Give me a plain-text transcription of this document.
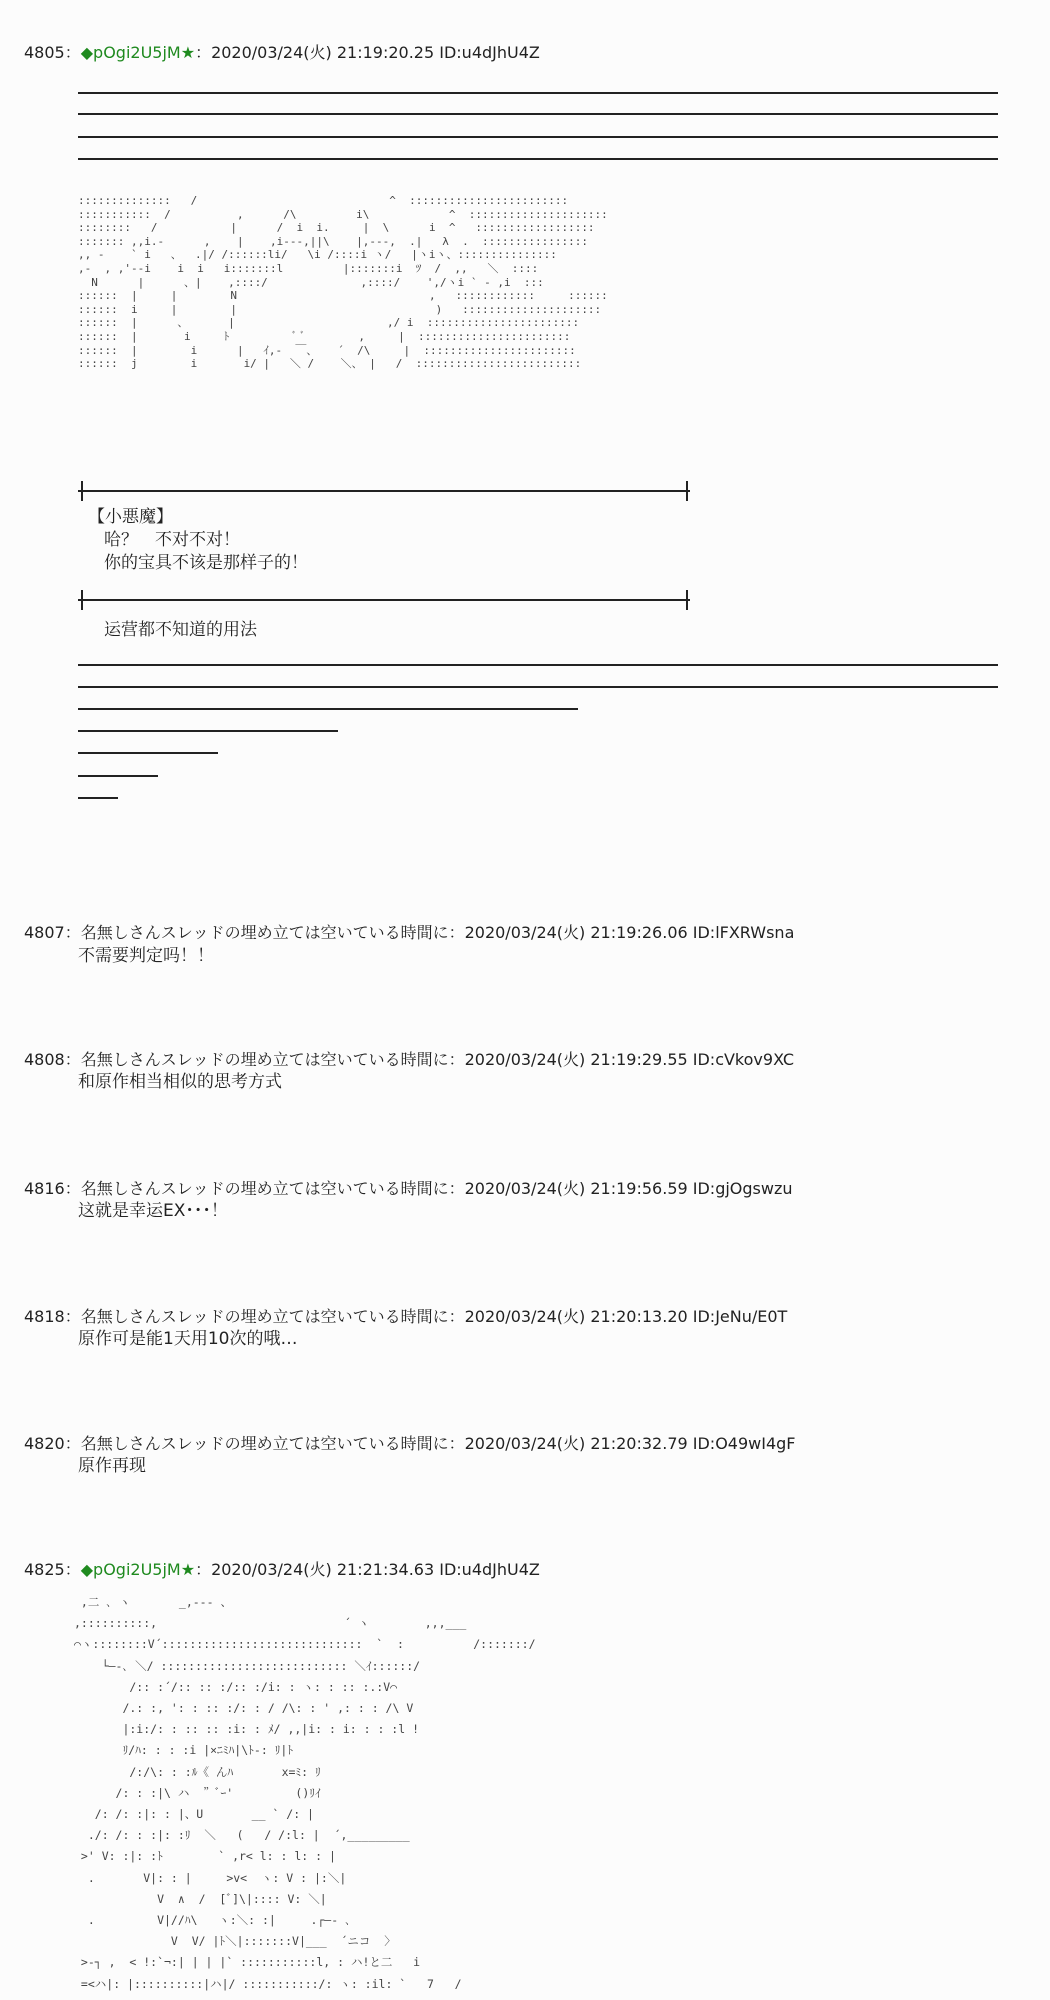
4805：◆pOgi2U5jM★：2020/03/24(火) 21:19:20.25 ID:u4dJhU4Z
::::::::::::::   /                             ^  ::::::::::::::::::::::::
:::::::::::  /          ,      /\         i\            ^  :::::::::::::::::::::
::::::::   /           |      /  i  i.     |  \      i  ^   ::::::::::::::::::
::::::: ,,i.-      ,    |    ,i---,||\    |,---,  .|   λ  .  ::::::::::::::::
,, -    ` i   、  .|/ /::::::li/   \i /::::i ヽ/   |ヽiヽ、:::::::::::::::
,-  , ,'--i    i  i   i:::::::l         |:::::::i  ﾂ  /  ,,   ＼  ::::
N      |      、|    ,::::/              ,::::/    ',/ヽi ` - ,i  :::
::::::  |     |        N                             ,   ::::::::::::     ::::::
::::::  i     |        |                              )   :::::::::::::::::::::
::::::  |      、      |                       ,/ i  :::::::::::::::::::::::
::::::  |       i     ﾄ          ﾞ ﾞ        ,     |  :::::::::::::::::::::::
::::::  |        i      |   ｲ,-  ￣、   ´  /\     |  :::::::::::::::::::::::
::::::  j        i       i/ |   ＼ /    ＼、 |   /  :::::::::::::::::::::::::
【小悪魔】
哈？　不对不对！
你的宝具不该是那样子的！
运营都不知道的用法
4807：名無しさんスレッドの埋め立ては空いている時間に：2020/03/24(火) 21:19:26.06 ID:lFXRWsna
不需要判定吗！！
4808：名無しさんスレッドの埋め立ては空いている時間に：2020/03/24(火) 21:19:29.55 ID:cVkov9XC
和原作相当相似的思考方式
4816：名無しさんスレッドの埋め立ては空いている時間に：2020/03/24(火) 21:19:56.59 ID:gjOgswzu
这就是幸运EX･･･！
4818：名無しさんスレッドの埋め立ては空いている時間に：2020/03/24(火) 21:20:13.20 ID:JeNu/E0T
原作可是能1天用10次的哦…
4820：名無しさんスレッドの埋め立ては空いている時間に：2020/03/24(火) 21:20:32.79 ID:O49wI4gF
原作再现
4825：◆pOgi2U5jM★：2020/03/24(火) 21:21:34.63 ID:u4dJhU4Z
,二 ､ ヽ       _,--- 、
,::::::::::,                           ´ ヽ        ,,,___
⌒ヽ::::::::V´:::::::::::::::::::::::::::::  `  :          /:::::::/
└―-､ ＼/ ::::::::::::::::::::::::::: ＼ｲ::::::/
/:: :´/:: :: :/:: :/i: : ヽ: : :: :.:V⌒
/.: :, ': : :: :/: : / /\: : ' ,: : : /\ V
|:i:/: : :: :: :i: : ﾒ/ ,,|i: : i: : : :l !
ﾘ/ﾊ: : : :i |×ﾆﾐﾊ|\ﾄ-: ﾘ|ﾄ
/:/\: : :ﾙ《 んﾊ       x=ﾐ: ﾘ
/: : :|\ ハ  ”ﾞｰ'         ()ﾘｲ
/: /: :|: : |、U       __ ` /: |
./: /: : :|: :ﾘ  ＼   (   / /:l: |  ´,_________
>' V: :|: :ﾄ        ` ,r< l: : l: : |
.       V|: : |     >v<  ヽ: V : |:＼|
V  ∧  /  [ﾞ]\|:::: V: ＼|
.         V|//ﾊ\   ヽ:＼: :|     .┌―- ､
V  V/ |ﾄ＼|:::::::V|___  ´ニコ  〉
>-┐ ,  < !:`¬:| | | |` :::::::::::l, : ハ!と二   i
=<ハ|: |::::::::::|ハ|/ :::::::::::/: ヽ: :il: `   7   /
